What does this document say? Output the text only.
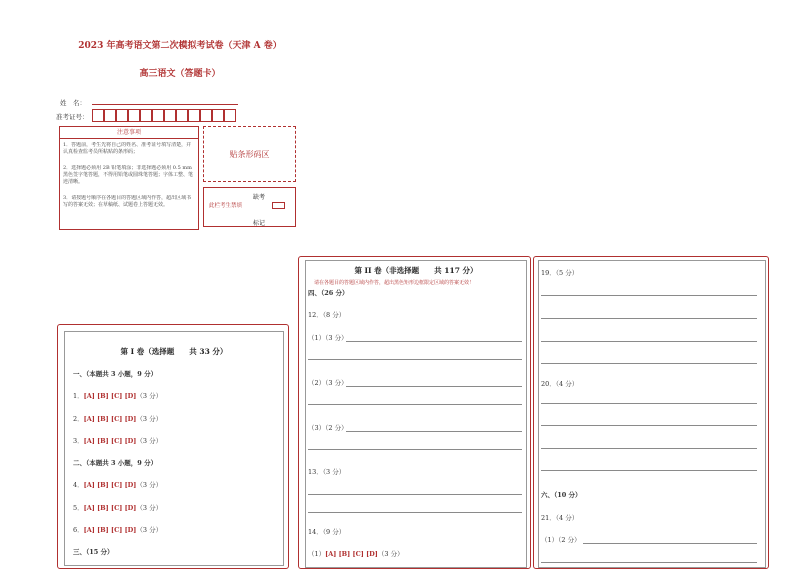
2023 年高考语文第二次模拟考试卷（天津 A 卷）
高三语文（答题卡）
姓　名：
准考证号：
注意事项
1．答题前，考生先将自己的姓名、准考证号填写清楚，并认真检查监考员所粘贴的条形码；
2．选择题必须用 2B 铅笔填涂；非选择题必须用 0.5 mm 黑色签字笔答题，不得用铅笔或圆珠笔答题；字体工整、笔迹清晰。
3．请按题号顺序在各题目的答题区域内作答，超出区域书写的答案无效；在草稿纸、试题卷上答题无效。
贴条形码区
缺考
此栏考生禁填
标记
第 I 卷（选择题　　共 33 分）
一、（本题共 3 小题，9 分）
1．[A] [B] [C] [D]（3 分）
2．[A] [B] [C] [D]（3 分）
3．[A] [B] [C] [D]（3 分）
二、（本题共 3 小题，9 分）
4．[A] [B] [C] [D]（3 分）
5．[A] [B] [C] [D]（3 分）
6．[A] [B] [C] [D]（3 分）
三、（15 分）
第 II 卷（非选择题　　共 117 分）
请在各题目的答题区域内作答，超出黑色矩形边框限定区域的答案无效！
四、（26 分）
12．（8 分）
（1）（3 分）
（2）（3 分）
（3）（2 分）
13．（3 分）
14．（9 分）
（1）[A] [B] [C] [D]（3 分）
19．（5 分）
20．（4 分）
六、（10 分）
21．（4 分）
（1）（2 分）
